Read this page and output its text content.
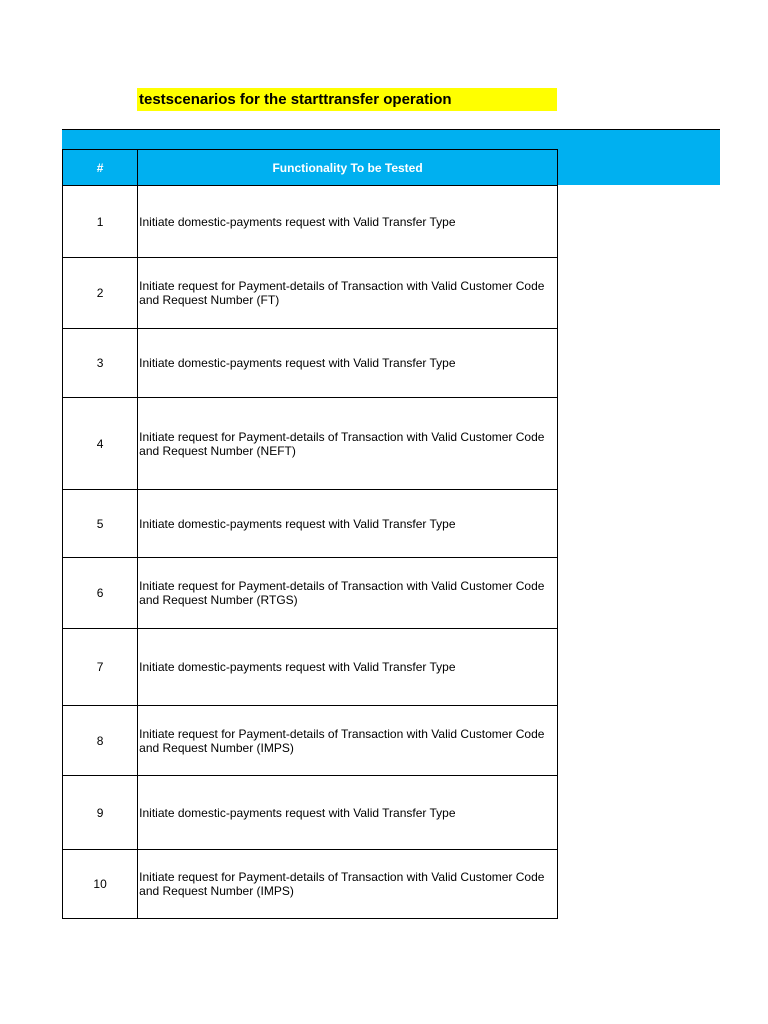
testscenarios for the starttransfer operation
#	Functionality To be Tested
1	Initiate domestic-payments request with Valid Transfer Type
2	Initiate request for Payment-details of Transaction with Valid Customer Code and Request Number (FT)
3	Initiate domestic-payments request with Valid Transfer Type
4	Initiate request for Payment-details of Transaction with Valid Customer Code and Request Number (NEFT)
5	Initiate domestic-payments request with Valid Transfer Type
6	Initiate request for Payment-details of Transaction with Valid Customer Code and Request Number (RTGS)
7	Initiate domestic-payments request with Valid Transfer Type
8	Initiate request for Payment-details of Transaction with Valid Customer Code and Request Number (IMPS)
9	Initiate domestic-payments request with Valid Transfer Type
10	Initiate request for Payment-details of Transaction with Valid Customer Code and Request Number (IMPS)
